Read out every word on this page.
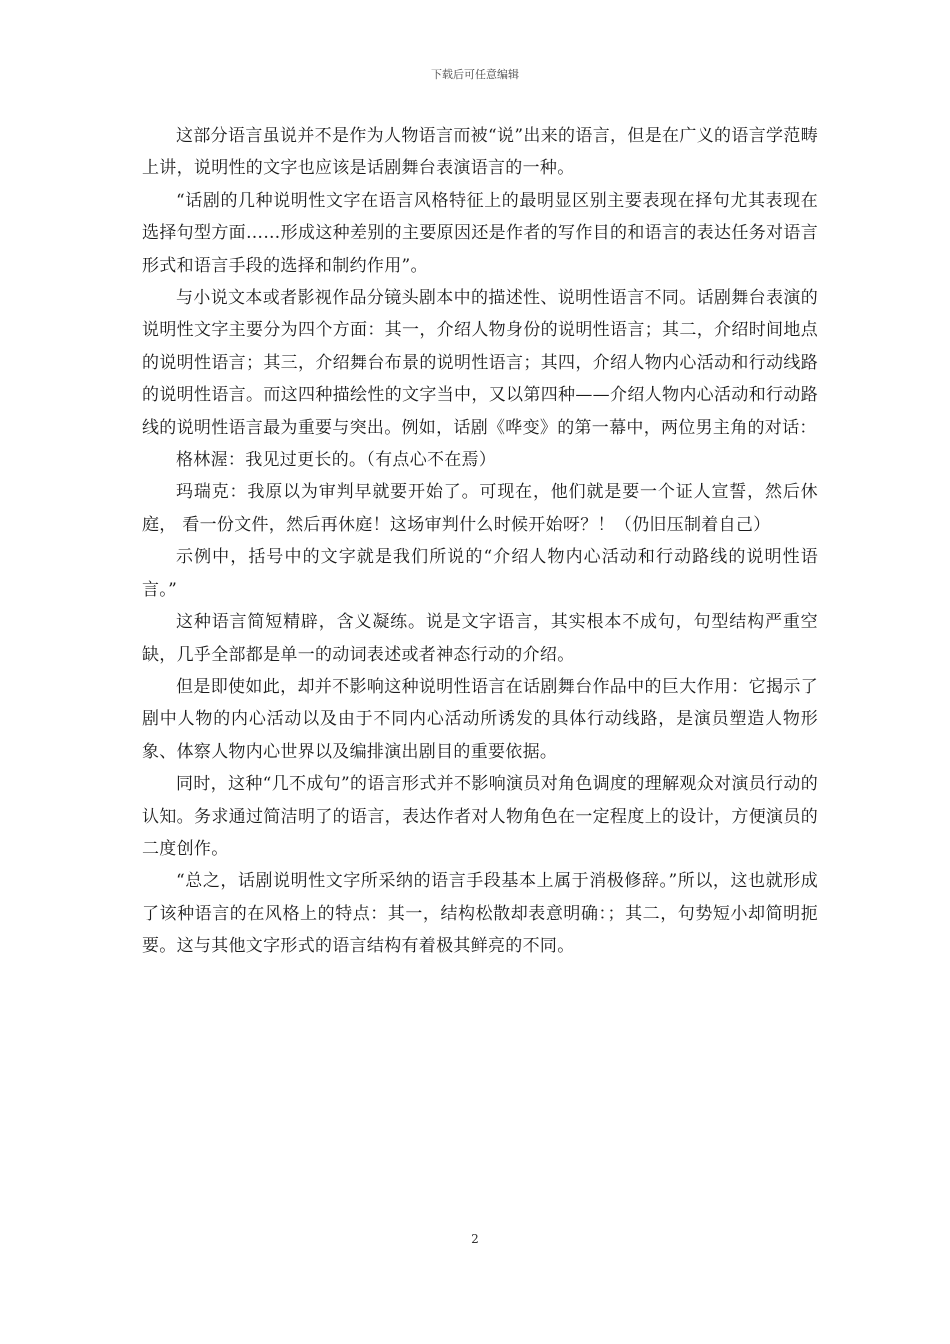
下载后可任意编辑

这部分语言虽说并不是作为人物语言而被“说”出来的语言，但是在广义的语言学范畴上讲，说明性的文字也应该是话剧舞台表演语言的一种。

“话剧的几种说明性文字在语言风格特征上的最明显区别主要表现在择句尤其表现在选择句型方面……形成这种差别的主要原因还是作者的写作目的和语言的表达任务对语言形式和语言手段的选择和制约作用”。

与小说文本或者影视作品分镜头剧本中的描述性、说明性语言不同。话剧舞台表演的说明性文字主要分为四个方面：其一，介绍人物身份的说明性语言；其二，介绍时间地点的说明性语言；其三，介绍舞台布景的说明性语言；其四，介绍人物内心活动和行动线路的说明性语言。而这四种描绘性的文字当中，又以第四种——介绍人物内心活动和行动路线的说明性语言最为重要与突出。例如，话剧《哗变》的第一幕中，两位男主角的对话：

格林渥：我见过更长的。（有点心不在焉）

玛瑞克：我原以为审判早就要开始了。可现在，他们就是要一个证人宣誓，然后休庭， 看一份文件，然后再休庭！这场审判什么时候开始呀？！（仍旧压制着自己）

示例中，括号中的文字就是我们所说的“介绍人物内心活动和行动路线的说明性语言。”

这种语言简短精辟，含义凝练。说是文字语言，其实根本不成句，句型结构严重空缺，几乎全部都是单一的动词表述或者神态行动的介绍。

但是即使如此，却并不影响这种说明性语言在话剧舞台作品中的巨大作用：它揭示了剧中人物的内心活动以及由于不同内心活动所诱发的具体行动线路，是演员塑造人物形象、体察人物内心世界以及编排演出剧目的重要依据。

同时，这种“几不成句”的语言形式并不影响演员对角色调度的理解观众对演员行动的认知。务求通过简洁明了的语言，表达作者对人物角色在一定程度上的设计，方便演员的二度创作。

“总之，话剧说明性文字所采纳的语言手段基本上属于消极修辞。”所以，这也就形成了该种语言的在风格上的特点：其一，结构松散却表意明确：；其二，句势短小却简明扼要。这与其他文字形式的语言结构有着极其鲜亮的不同。

2
